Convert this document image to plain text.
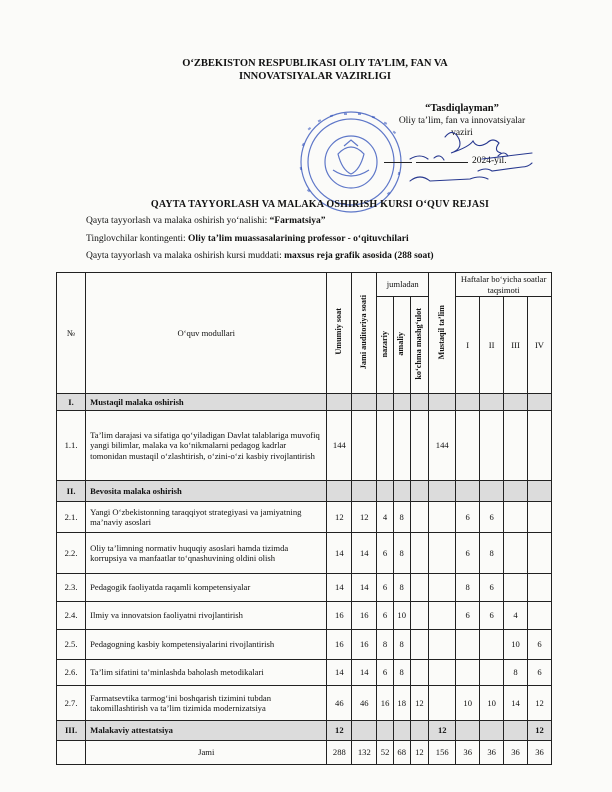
O‘ZBEKISTON RESPUBLIKASI OLIY TA’LIM, FAN VA
INNOVATSIYALAR VAZIRLIGI
“Tasdiqlayman”
Oliy ta’lim, fan va innovatsiyalar
vaziri
2024-yil.
QAYTA TAYYORLASH VA MALAKA OSHIRISH KURSI O‘QUV REJASI
Qayta tayyorlash va malaka oshirish yo‘nalishi: “Farmatsiya”
Tinglovchilar kontingenti: Oliy ta’lim muassasalarining professor - o‘qituvchilari
Qayta tayyorlash va malaka oshirish kursi muddati: maxsus reja grafik asosida (288 soat)
№	O‘quv modullari	Umumiy soat	Jami auditoriya soati	jumladan			Mustaqil ta’lim	Haftalar bo‘yicha soatlar taqsimoti			
				nazariy	amaliy	ko‘chma mashg‘ulot		I	II	III	IV
I.	Mustaqil malaka oshirish										
1.1.	Ta’lim darajasi va sifatiga qo‘yiladigan Davlat talablariga muvofiq yangi bilimlar, malaka va ko‘nikmalarni pedagog kadrlar tomonidan mustaqil o‘zlashtirish, o‘zini-o‘zi kasbiy rivojlantirish	144					144				
II.	Bevosita malaka oshirish										
2.1.	Yangi O‘zbekistonning taraqqiyot strategiyasi va jamiyatning ma’naviy asoslari	12	12	4	8			6	6		
2.2.	Oliy ta’limning normativ huquqiy asoslari hamda tizimda korrupsiya va manfaatlar to‘qnashuvining oldini olish	14	14	6	8			6	8		
2.3.	Pedagogik faoliyatda raqamli kompetensiyalar	14	14	6	8			8	6		
2.4.	Ilmiy va innovatsion faoliyatni rivojlantirish	16	16	6	10			6	6	4	
2.5.	Pedagogning kasbiy kompetensiyalarini rivojlantirish	16	16	8	8					10	6
2.6.	Ta’lim sifatini ta’minlashda baholash metodikalari	14	14	6	8					8	6
2.7.	Farmatsevtika tarmog‘ini boshqarish tizimini tubdan takomillashtirish va ta’lim tizimida modernizatsiya	46	46	16	18	12		10	10	14	12
III.	Malakaviy attestatsiya	12					12				12
	Jami	288	132	52	68	12	156	36	36	36	36
